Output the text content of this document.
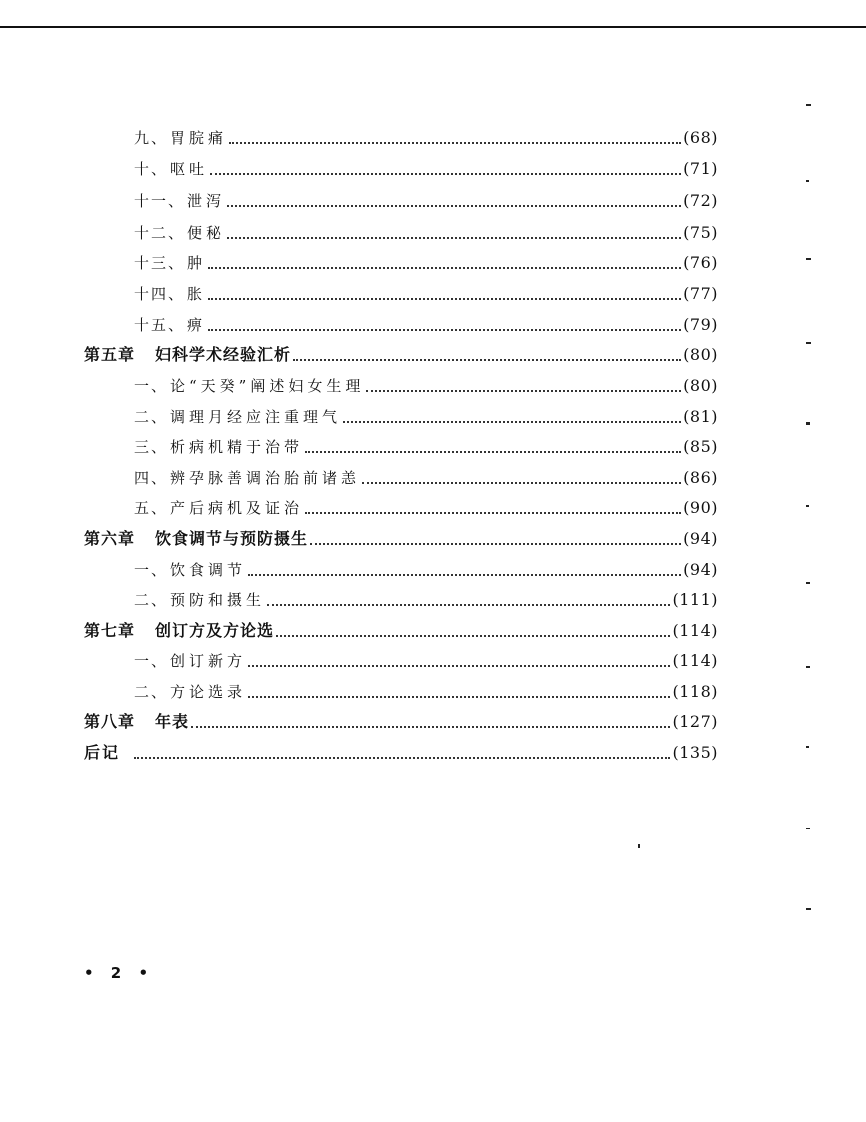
九、 胃脘痛	(68)
十、 呕吐	(71)
十一、 泄泻	(72)
十二、 便秘	(75)
十三、 肿	(76)
十四、 胀	(77)
十五、 痹	(79)
第五章	妇科学术经验汇析	(80)
一、 论“天癸”阐述妇女生理	(80)
二、 调理月经应注重理气	(81)
三、 析病机精于治带	(85)
四、 辨孕脉善调治胎前诸恙	(86)
五、 产后病机及证治	(90)
第六章	饮食调节与预防摄生	(94)
一、 饮食调节	(94)
二、 预防和摄生	(111)
第七章	创订方及方论选	(114)
一、 创订新方	(114)
二、 方论选录	(118)
第八章	年表	(127)
后记	(135)
• 2 •
